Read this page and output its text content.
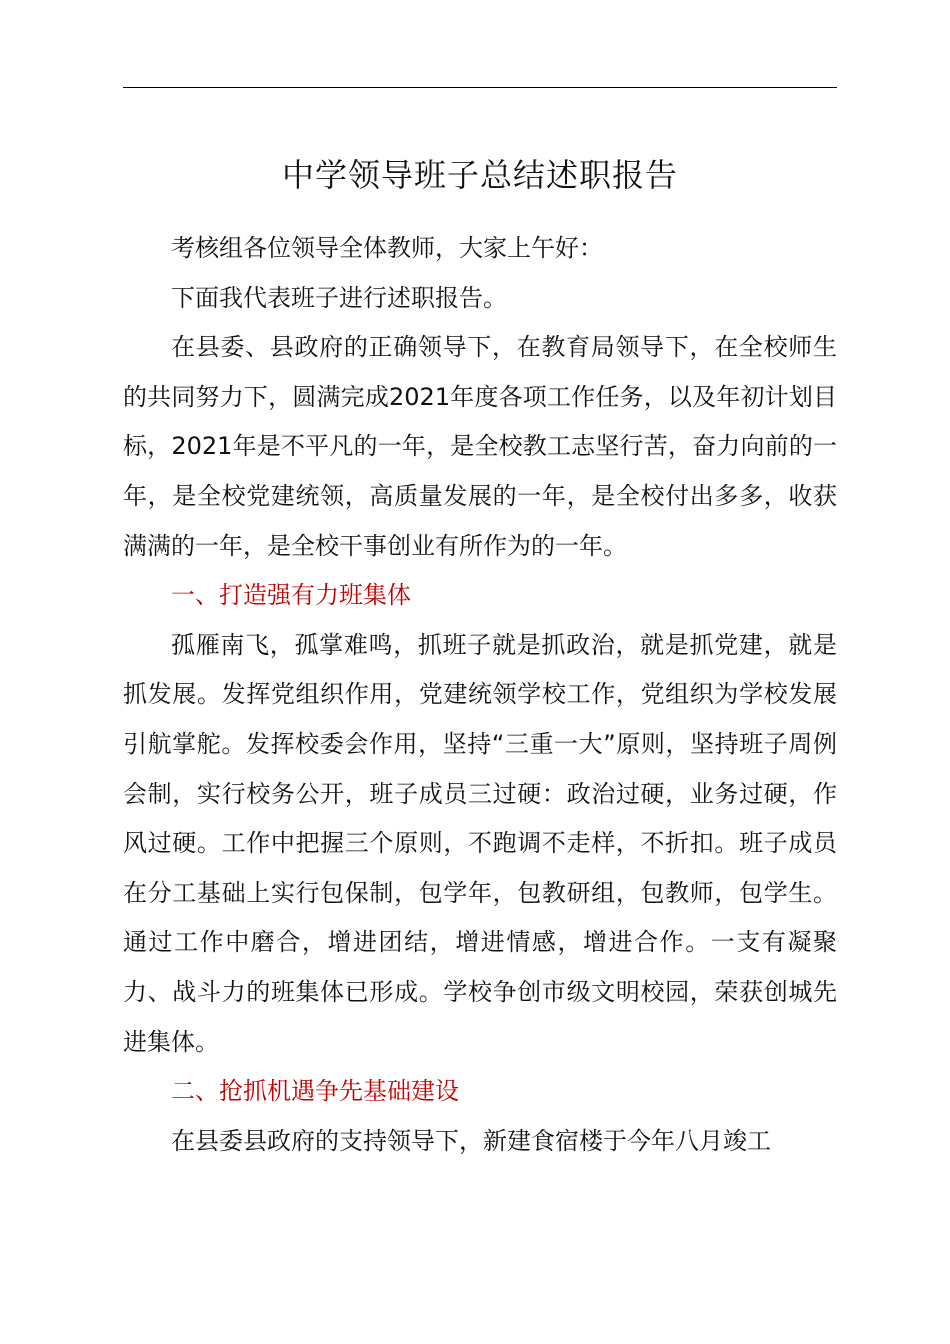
中学领导班子总结述职报告

考核组各位领导全体教师，大家上午好：

下面我代表班子进行述职报告。

在县委、县政府的正确领导下，在教育局领导下，在全校师生的共同努力下，圆满完成2021年度各项工作任务，以及年初计划目标，2021年是不平凡的一年，是全校教工志坚行苦，奋力向前的一年，是全校党建统领，高质量发展的一年，是全校付出多多，收获满满的一年，是全校干事创业有所作为的一年。

一、打造强有力班集体

孤雁南飞，孤掌难鸣，抓班子就是抓政治，就是抓党建，就是抓发展。发挥党组织作用，党建统领学校工作，党组织为学校发展引航掌舵。发挥校委会作用，坚持“三重一大”原则，坚持班子周例会制，实行校务公开，班子成员三过硬：政治过硬，业务过硬，作风过硬。工作中把握三个原则，不跑调不走样，不折扣。班子成员在分工基础上实行包保制，包学年，包教研组，包教师，包学生。通过工作中磨合，增进团结，增进情感，增进合作。一支有凝聚力、战斗力的班集体已形成。学校争创市级文明校园，荣获创城先进集体。

二、抢抓机遇争先基础建设

在县委县政府的支持领导下，新建食宿楼于今年八月竣工
